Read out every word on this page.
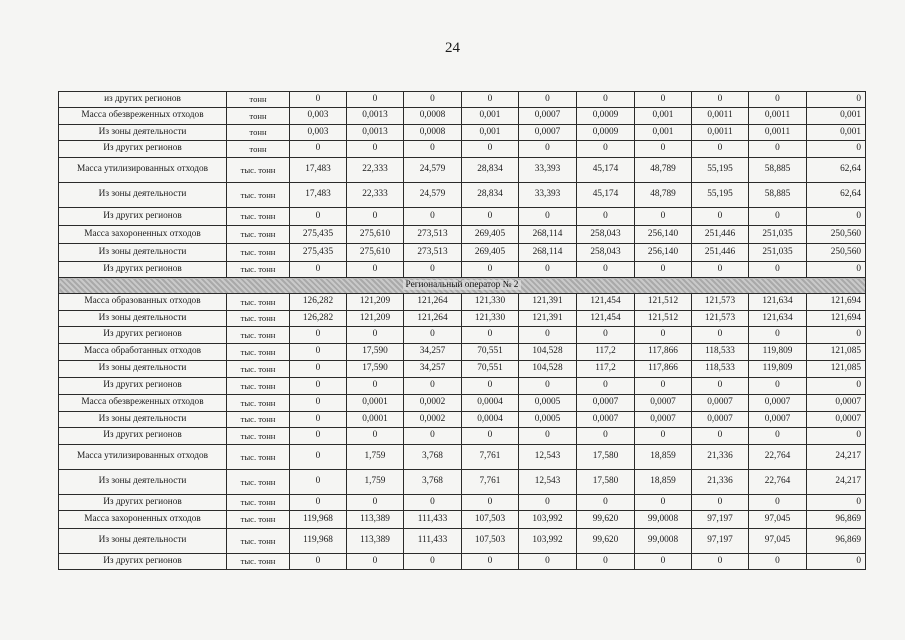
24
из других регионов	тонн	0	0	0	0	0	0	0	0	0	0
Масса обезвреженных отходов	тонн	0,003	0,0013	0,0008	0,001	0,0007	0,0009	0,001	0,0011	0,0011	0,001
Из зоны деятельности	тонн	0,003	0,0013	0,0008	0,001	0,0007	0,0009	0,001	0,0011	0,0011	0,001
Из других регионов	тонн	0	0	0	0	0	0	0	0	0	0
Масса утилизированных отходов	тыс. тонн	17,483	22,333	24,579	28,834	33,393	45,174	48,789	55,195	58,885	62,64
Из зоны деятельности	тыс. тонн	17,483	22,333	24,579	28,834	33,393	45,174	48,789	55,195	58,885	62,64
Из других регионов	тыс. тонн	0	0	0	0	0	0	0	0	0	0
Масса захороненных отходов	тыс. тонн	275,435	275,610	273,513	269,405	268,114	258,043	256,140	251,446	251,035	250,560
Из зоны деятельности	тыс. тонн	275,435	275,610	273,513	269,405	268,114	258,043	256,140	251,446	251,035	250,560
Из других регионов	тыс. тонн	0	0	0	0	0	0	0	0	0	0
Региональный оператор № 2											
Масса образованных отходов	тыс. тонн	126,282	121,209	121,264	121,330	121,391	121,454	121,512	121,573	121,634	121,694
Из зоны деятельности	тыс. тонн	126,282	121,209	121,264	121,330	121,391	121,454	121,512	121,573	121,634	121,694
Из других регионов	тыс. тонн	0	0	0	0	0	0	0	0	0	0
Масса обработанных отходов	тыс. тонн	0	17,590	34,257	70,551	104,528	117,2	117,866	118,533	119,809	121,085
Из зоны деятельности	тыс. тонн	0	17,590	34,257	70,551	104,528	117,2	117,866	118,533	119,809	121,085
Из других регионов	тыс. тонн	0	0	0	0	0	0	0	0	0	0
Масса обезвреженных отходов	тыс. тонн	0	0,0001	0,0002	0,0004	0,0005	0,0007	0,0007	0,0007	0,0007	0,0007
Из зоны деятельности	тыс. тонн	0	0,0001	0,0002	0,0004	0,0005	0,0007	0,0007	0,0007	0,0007	0,0007
Из других регионов	тыс. тонн	0	0	0	0	0	0	0	0	0	0
Масса утилизированных отходов	тыс. тонн	0	1,759	3,768	7,761	12,543	17,580	18,859	21,336	22,764	24,217
Из зоны деятельности	тыс. тонн	0	1,759	3,768	7,761	12,543	17,580	18,859	21,336	22,764	24,217
Из других регионов	тыс. тонн	0	0	0	0	0	0	0	0	0	0
Масса захороненных отходов	тыс. тонн	119,968	113,389	111,433	107,503	103,992	99,620	99,0008	97,197	97,045	96,869
Из зоны деятельности	тыс. тонн	119,968	113,389	111,433	107,503	103,992	99,620	99,0008	97,197	97,045	96,869
Из других регионов	тыс. тонн	0	0	0	0	0	0	0	0	0	0
